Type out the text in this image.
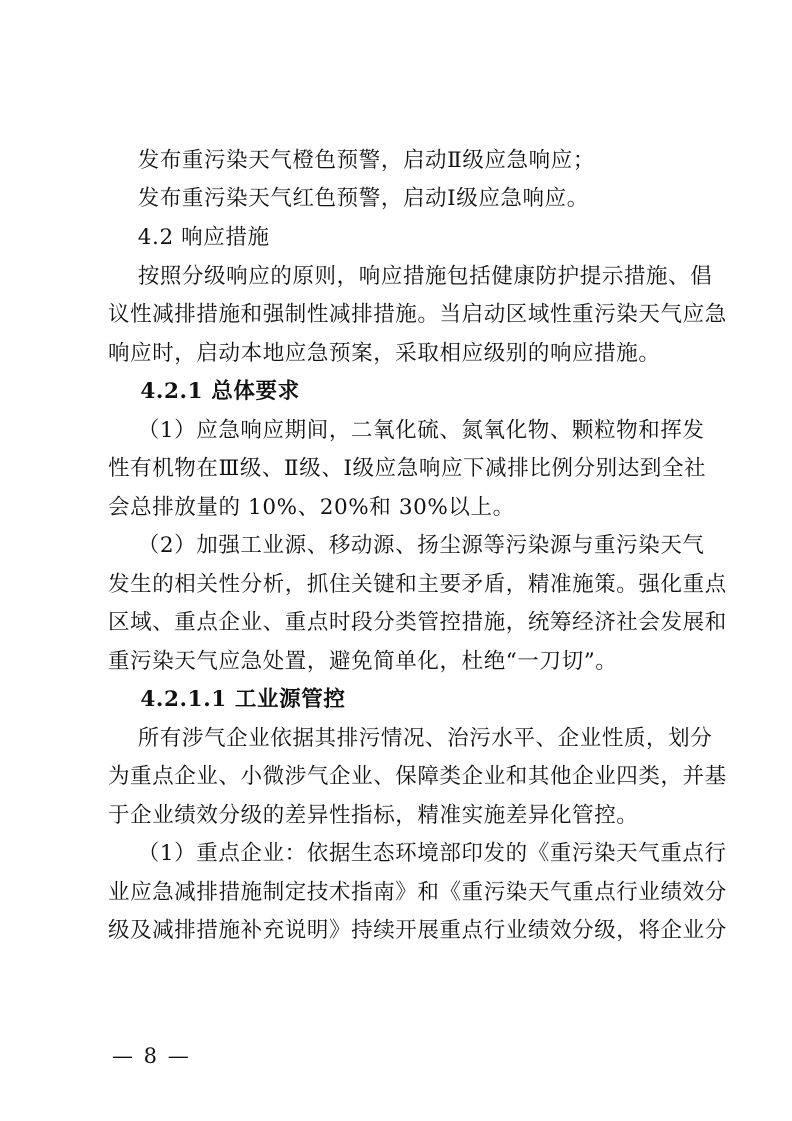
发布重污染天气橙色预警，启动Ⅱ级应急响应；
发布重污染天气红色预警，启动Ⅰ级应急响应。
4.2 响应措施
按照分级响应的原则，响应措施包括健康防护提示措施、倡
议性减排措施和强制性减排措施。当启动区域性重污染天气应急
响应时，启动本地应急预案，采取相应级别的响应措施。
4.2.1 总体要求
（1）应急响应期间，二氧化硫、氮氧化物、颗粒物和挥发
性有机物在Ⅲ级、Ⅱ级、Ⅰ级应急响应下减排比例分别达到全社
会总排放量的 10%、20%和 30%以上。
（2）加强工业源、移动源、扬尘源等污染源与重污染天气
发生的相关性分析，抓住关键和主要矛盾，精准施策。强化重点
区域、重点企业、重点时段分类管控措施，统筹经济社会发展和
重污染天气应急处置，避免简单化，杜绝“一刀切”。
4.2.1.1 工业源管控
所有涉气企业依据其排污情况、治污水平、企业性质，划分
为重点企业、小微涉气企业、保障类企业和其他企业四类，并基
于企业绩效分级的差异性指标，精准实施差异化管控。
（1）重点企业：依据生态环境部印发的《重污染天气重点行
业应急减排措施制定技术指南》和《重污染天气重点行业绩效分
级及减排措施补充说明》持续开展重点行业绩效分级，将企业分
— 8 —
